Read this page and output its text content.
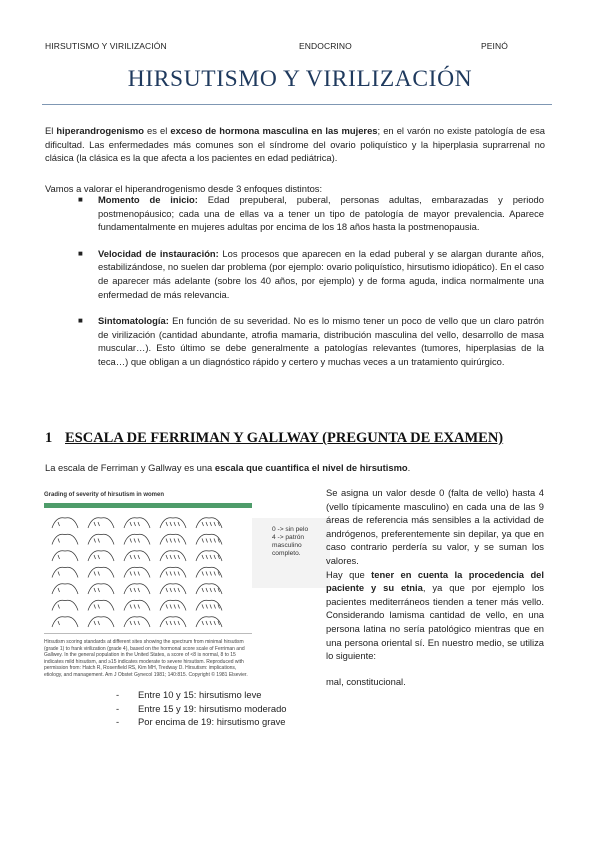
HIRSUTISMO Y VIRILIZACIÓN	ENDOCRINO	PEINÓ
HIRSUTISMO Y VIRILIZACIÓN
El hiperandrogenismo es el exceso de hormona masculina en las mujeres; en el varón no existe patología de esa dificultad. Las enfermedades más comunes son el síndrome del ovario poliquístico y la hiperplasia suprarrenal no clásica (la clásica es la que afecta a los pacientes en edad pediátrica).
Vamos a valorar el hiperandrogenismo desde 3 enfoques distintos:
■ Momento de inicio: Edad prepuberal, puberal, personas adultas, embarazadas y periodo postmenopáusico; cada una de ellas va a tener un tipo de patología de mayor prevalencia. Aparece fundamentalmente en mujeres adultas por encima de los 18 años hasta la postmenopausia.
■ Velocidad de instauración: Los procesos que aparecen en la edad puberal y se alargan durante años, estabilizándose, no suelen dar problema (por ejemplo: ovario poliquístico, hirsutismo idiopático). En el caso de aparecer más adelante (sobre los 40 años, por ejemplo) y de forma aguda, indica normalmente una enfermedad de más relevancia.
■ Sintomatología: En función de su severidad. No es lo mismo tener un poco de vello que un claro patrón de virilización (cantidad abundante, atrofia mamaria, distribución masculina del vello, desarrollo de masa muscular…). Esto último se debe generalmente a patologías relevantes (tumores, hiperplasias de la teca…) que obligan a un diagnóstico rápido y certero y muchas veces a un tratamiento quirúrgico.
1 ESCALA DE FERRIMAN Y GALLWAY (PREGUNTA DE EXAMEN)
La escala de Ferriman y Gallway es una escala que cuantifica el nivel de hirsutismo.
Grading of severity of hirsutism in women
Hirsutism scoring standards at different sites showing the spectrum from minimal hirsutism (grade 1) to frank virilization (grade 4), based on the hormonal score scale of Ferriman and Gallwey. In the general population in the United States, a score of <8 is normal, 8 to 15 indicates mild hirsutism, and ≥15 indicates moderate to severe hirsutism. Reproduced with permission from: Hatch R, Rosenfield RS, Kim MH, Tredway D. Hirsutism: implications, etiology, and management. Am J Obstet Gynecol 1981; 140:815. Copyright © 1981 Elsevier.
0 -> sin pelo
4 -> patrón masculino completo.
Se asigna un valor desde 0 (falta de vello) hasta 4 (vello típicamente masculino) en cada una de las 9 áreas de referencia más sensibles a la actividad de andrógenos, preferentemente sin depilar, ya que en caso contrario perdería su valor, y se suman los valores.
Hay que tener en cuenta la procedencia del paciente y su etnia, ya que por ejemplo los pacientes mediterráneos tienden a tener más vello. Considerando lamisma cantidad de vello, en una persona latina no sería patológico mientras que en una persona oriental sí. En nuestro medio, se utiliza lo siguiente:
mal, constitucional.
- Entre 10 y 15: hirsutismo leve
- Entre 15 y 19: hirsutismo moderado
- Por encima de 19: hirsutismo grave
